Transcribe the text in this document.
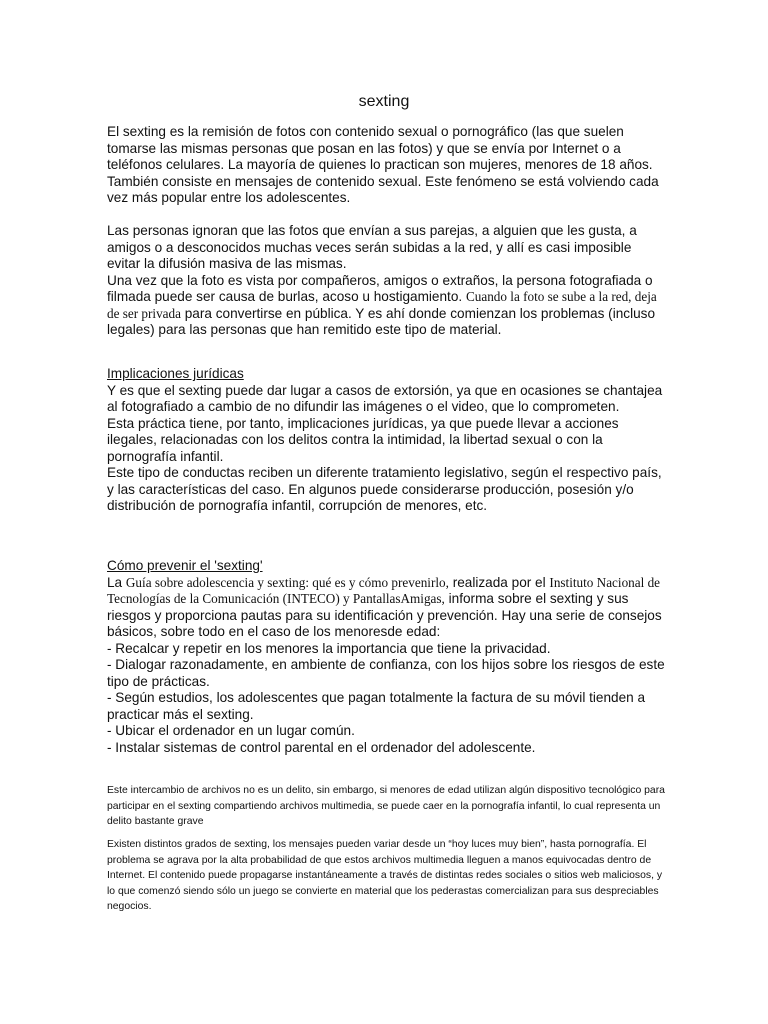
sexting

El sexting es la remisión de fotos con contenido sexual o pornográfico (las que suelen tomarse las mismas personas que posan en las fotos) y que se envía por Internet o a teléfonos celulares. La mayoría de quienes lo practican son mujeres, menores de 18 años. También consiste en mensajes de contenido sexual. Este fenómeno se está volviendo cada vez más popular entre los adolescentes.

Las personas ignoran que las fotos que envían a sus parejas, a alguien que les gusta, a amigos o a desconocidos muchas veces serán subidas a la red, y allí es casi imposible evitar la difusión masiva de las mismas.

Una vez que la foto es vista por compañeros, amigos o extraños, la persona fotografiada o filmada puede ser causa de burlas, acoso u hostigamiento. Cuando la foto se sube a la red, deja de ser privada para convertirse en pública. Y es ahí donde comienzan los problemas (incluso legales) para las personas que han remitido este tipo de material.

Implicaciones jurídicas

Y es que el sexting puede dar lugar a casos de extorsión, ya que en ocasiones se chantajea al fotografiado a cambio de no difundir las imágenes o el video, que lo comprometen.

Esta práctica tiene, por tanto, implicaciones jurídicas, ya que puede llevar a acciones ilegales, relacionadas con los delitos contra la intimidad, la libertad sexual o con la pornografía infantil.

Este tipo de conductas reciben un diferente tratamiento legislativo, según el respectivo país, y las características del caso. En algunos puede considerarse producción, posesión y/o distribución de pornografía infantil, corrupción de menores, etc.

Cómo prevenir el 'sexting'

La Guía sobre adolescencia y sexting: qué es y cómo prevenirlo, realizada por el Instituto Nacional de Tecnologías de la Comunicación (INTECO) y PantallasAmigas, informa sobre el sexting y sus riesgos y proporciona pautas para su identificación y prevención. Hay una serie de consejos básicos, sobre todo en el caso de los menoresde edad:

- Recalcar y repetir en los menores la importancia que tiene la privacidad.

- Dialogar razonadamente, en ambiente de confianza, con los hijos sobre los riesgos de este tipo de prácticas.

- Según estudios, los adolescentes que pagan totalmente la factura de su móvil tienden a practicar más el sexting.

- Ubicar el ordenador en un lugar común.

- Instalar sistemas de control parental en el ordenador del adolescente.

Este intercambio de archivos no es un delito, sin embargo, si menores de edad utilizan algún dispositivo tecnológico para participar en el sexting compartiendo archivos multimedia, se puede caer en la pornografía infantil, lo cual representa un delito bastante grave

Existen distintos grados de sexting, los mensajes pueden variar desde un “hoy luces muy bien”, hasta pornografía. El problema se agrava por la alta probabilidad de que estos archivos multimedia lleguen a manos equivocadas dentro de Internet. El contenido puede propagarse instantáneamente a través de distintas redes sociales o sitios web maliciosos, y lo que comenzó siendo sólo un juego se convierte en material que los pederastas comercializan para sus despreciables negocios.
